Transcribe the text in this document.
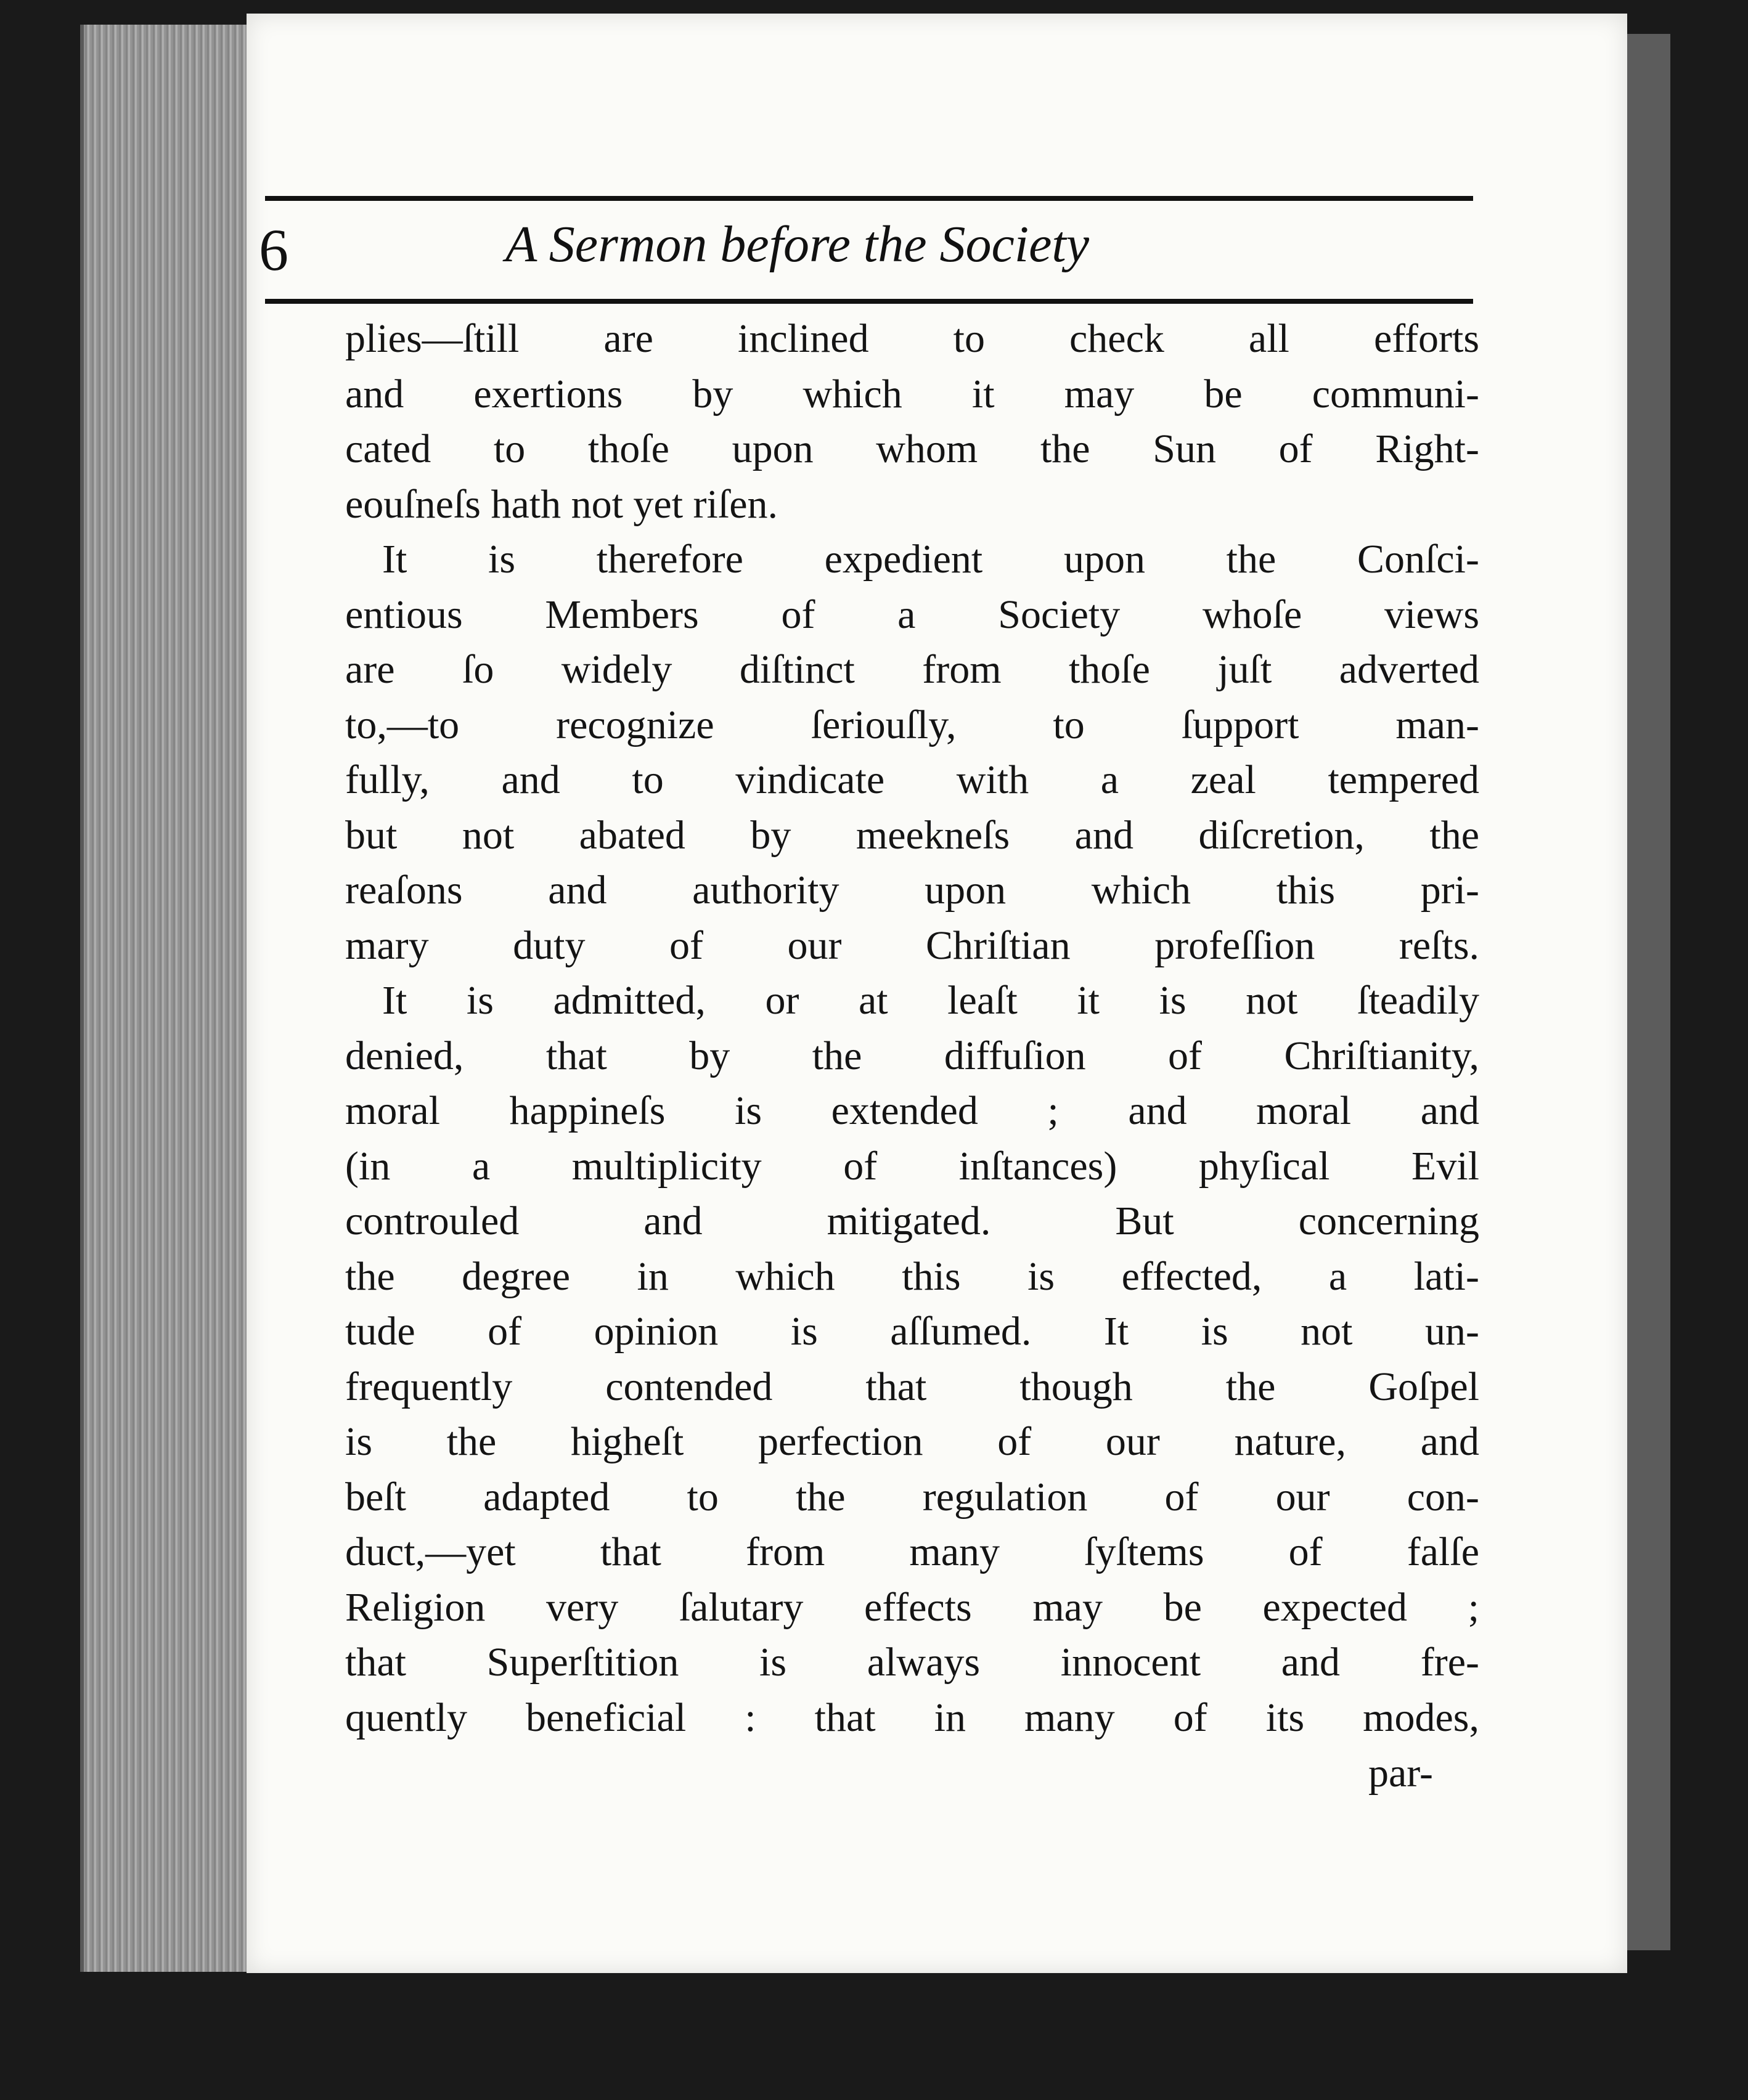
6	A Sermon before the Society
plies—ſtill are inclined to check all efforts
and exertions by which it may be communi-
cated to thoſe upon whom the Sun of Right-
eouſneſs hath not yet riſen.
It is therefore expedient upon the Conſci-
entious Members of a Society whoſe views
are ſo widely diſtinct from thoſe juſt adverted
to,—to recognize ſeriouſly, to ſupport man-
fully, and to vindicate with a zeal tempered
but not abated by meekneſs and diſcretion, the
reaſons and authority upon which this pri-
mary duty of our Chriſtian profeſſion reſts.
It is admitted, or at leaſt it is not ſteadily
denied, that by the diffuſion of Chriſtianity,
moral happineſs is extended ; and moral and
(in a multiplicity of inſtances) phyſical Evil
controuled and mitigated. But concerning
the degree in which this is effected, a lati-
tude of opinion is aſſumed. It is not un-
frequently contended that though the Goſpel
is the higheſt perfection of our nature, and
beſt adapted to the regulation of our con-
duct,—yet that from many ſyſtems of falſe
Religion very ſalutary effects may be expected ;
that Superſtition is always innocent and fre-
quently beneficial : that in many of its modes,
par-
